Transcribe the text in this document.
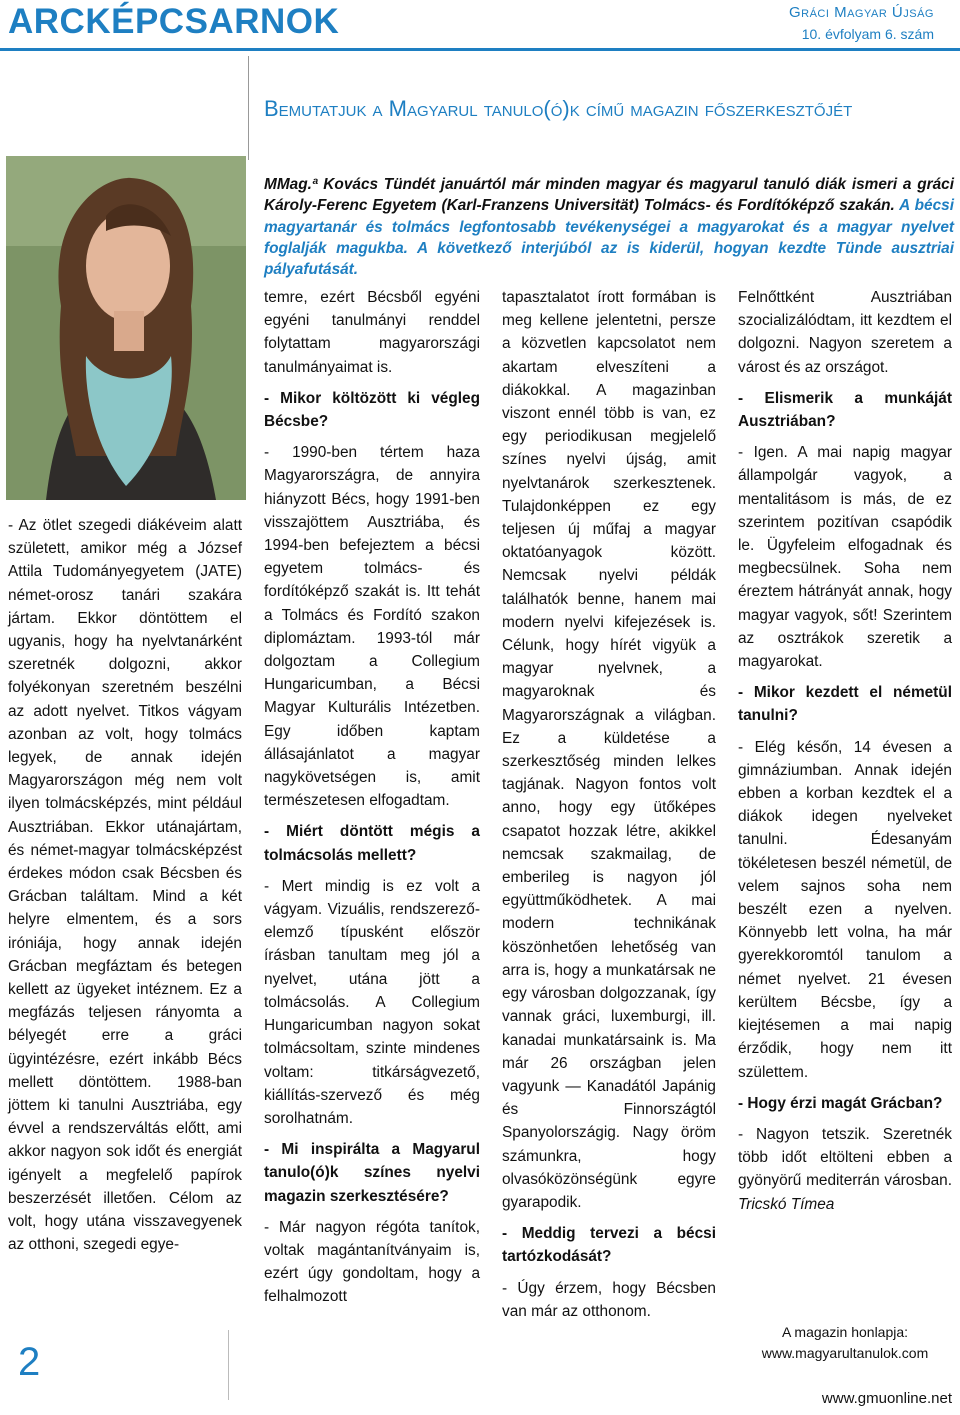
ARCKÉPCSARNOK	Gráci Magyar Újság
10. évfolyam 6. szám
Bemutatjuk a Magyarul tanulo(ó)k című magazin főszerkesztőjét
MMag.ª Kovács Tündét januártól már minden magyar és magyarul tanuló diák ismeri a gráci Károly-Ferenc Egyetem (Karl-Franzens Universität) Tolmács- és Fordítóképző szakán. A bécsi magyartanár és tolmács legfontosabb tevékenységei a magyarokat és a magyar nyelvet foglalják magukba. A következő interjúból az is kiderül, hogyan kezdte Tünde ausztriai pályafutását.

- Az ötlet szegedi diákéveim alatt született, amikor még a József Attila Tudományegyetem (JATE) német-orosz tanári szakára jártam. Ekkor döntöttem el ugyanis, hogy ha nyelvtanárként szeretnék dolgozni, akkor folyékonyan szeretném beszélni az adott nyelvet. Titkos vágyam azonban az volt, hogy tolmács legyek, de annak idején Magyarországon még nem volt ilyen tolmácsképzés, mint például Ausztriában. Ekkor utánajártam, és német-magyar tolmácsképzést érdekes módon csak Bécsben és Grácban találtam. Mind a két helyre elmentem, és a sors iróniája, hogy annak idején Grácban megfáztam és betegen kellett az ügyeket intéznem. Ez a megfázás teljesen rányomta a bélyegét erre a gráci ügyintézésre, ezért inkább Bécs mellett döntöttem. 1988-ban jöttem ki tanulni Ausztriába, egy évvel a rendszerváltás előtt, ami akkor nagyon sok időt és energiát igényelt a megfelelő papírok beszerzését illetően. Célom az volt, hogy utána visszavegyenek az otthoni, szegedi egye-

temre, ezért Bécsből egyéni egyéni tanulmányi renddel folytattam magyarországi tanulmányaimat is.

- Mikor költözött ki végleg Bécsbe?

- 1990-ben tértem haza Magyarországra, de annyira hiányzott Bécs, hogy 1991-ben visszajöttem Ausztriába, és 1994-ben befejeztem a bécsi egyetem tolmács- és fordítóképző szakát is. Itt tehát a Tolmács és Fordító szakon diplomáztam. 1993-tól már dolgoztam a Collegium Hungaricumban, a Bécsi Magyar Kulturális Intézetben. Egy időben kaptam állásajánlatot a magyar nagykövetségen is, amit természetesen elfogadtam.

- Miért döntött mégis a tolmácsolás mellett?

- Mert mindig is ez volt a vágyam. Vizuális, rendszerező-elemző típusként először írásban tanultam meg jól a nyelvet, utána jött a tolmácsolás. A Collegium Hungaricumban nagyon sokat tolmácsoltam, szinte mindenes voltam: titkárságvezető, kiállítás-szervező és még sorolhatnám.

- Mi inspirálta a Magyarul tanulo(ó)k színes nyelvi magazin szerkesztésére?

- Már nagyon régóta tanítok, voltak magántanítványaim is, ezért úgy gondoltam, hogy a felhalmozott

tapasztalatot írott formában is meg kellene jelentetni, persze a közvetlen kapcsolatot nem akartam elveszíteni a diákokkal. A magazinban viszont ennél több is van, ez egy periodikusan megjelelő színes nyelvi újság, amit nyelvtanárok szerkesztenek. Tulajdonképpen ez egy teljesen új műfaj a magyar oktatóanyagok között. Nemcsak nyelvi példák találhatók benne, hanem mai modern nyelvi kifejezések is. Célunk, hogy hírét vigyük a magyar nyelvnek, a magyaroknak és Magyarországnak a világban. Ez a küldetése a szerkesztőség minden lelkes tagjának. Nagyon fontos volt anno, hogy egy ütőképes csapatot hozzak létre, akikkel nemcsak szakmailag, de emberileg is nagyon jól együttműködhetek. A mai modern technikának köszönhetően lehetőség van arra is, hogy a munkatársak ne egy városban dolgozzanak, így vannak gráci, luxemburgi, ill. kanadai munkatársaink is. Ma már 26 országban jelen vagyunk — Kanadától Japánig és Finnországtól Spanyolországig. Nagy öröm számunkra, hogy olvasóközönségünk egyre gyarapodik.

- Meddig tervezi a bécsi tartózkodását?

- Úgy érzem, hogy Bécsben van már az otthonom.

Felnőttként Ausztriában szocializálódtam, itt kezdtem el dolgozni. Nagyon szeretem a várost és az országot.

- Elismerik a munkáját Ausztriában?

- Igen. A mai napig magyar állampolgár vagyok, a mentalitásom is más, de ez szerintem pozitívan csapódik le. Ügyfeleim elfogadnak és megbecsülnek. Soha nem éreztem hátrányát annak, hogy magyar vagyok, sőt! Szerintem az osztrákok szeretik a magyarokat.

- Mikor kezdett el németül tanulni?

- Elég későn, 14 évesen a gimnáziumban. Annak idején ebben a korban kezdtek el a diákok idegen nyelveket tanulni. Édesanyám tökéletesen beszél németül, de velem sajnos soha nem beszélt ezen a nyelven. Könnyebb lett volna, ha már gyerekkoromtól tanulom a német nyelvet. 21 évesen kerültem Bécsbe, így a kiejtésemen a mai napig érződik, hogy nem itt születtem.

- Hogy érzi magát Grácban?

- Nagyon tetszik. Szeretnék több időt eltölteni ebben a gyönyörű mediterrán városban. Tricskó Tímea

2
A magazin honlapja:
www.magyarultanulok.com
www.gmuonline.net
